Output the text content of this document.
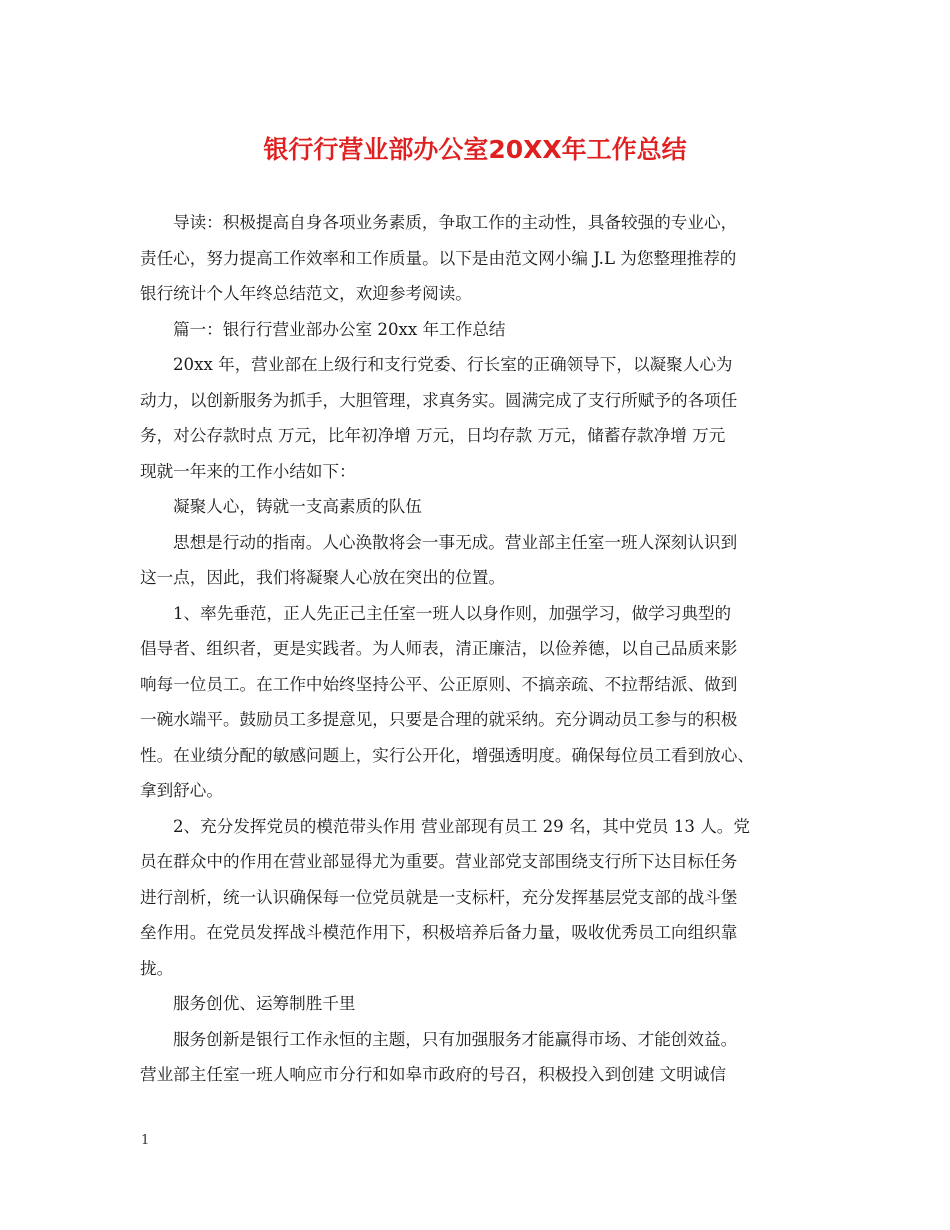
银行行营业部办公室20XX年工作总结
导读：积极提高自身各项业务素质，争取工作的主动性，具备较强的专业心，
责任心，努力提高工作效率和工作质量。以下是由范文网小编 J.L 为您整理推荐的
银行统计个人年终总结范文，欢迎参考阅读。
篇一：银行行营业部办公室 20xx 年工作总结
20xx 年，营业部在上级行和支行党委、行长室的正确领导下，以凝聚人心为
动力，以创新服务为抓手，大胆管理，求真务实。圆满完成了支行所赋予的各项任
务，对公存款时点 万元，比年初净增 万元，日均存款 万元，储蓄存款净增 万元
现就一年来的工作小结如下：
凝聚人心，铸就一支高素质的队伍
思想是行动的指南。人心涣散将会一事无成。营业部主任室一班人深刻认识到
这一点，因此，我们将凝聚人心放在突出的位置。
1、率先垂范，正人先正己主任室一班人以身作则，加强学习，做学习典型的
倡导者、组织者，更是实践者。为人师表，清正廉洁，以俭养德，以自己品质来影
响每一位员工。在工作中始终坚持公平、公正原则、不搞亲疏、不拉帮结派、做到
一碗水端平。鼓励员工多提意见，只要是合理的就采纳。充分调动员工参与的积极
性。在业绩分配的敏感问题上，实行公开化，增强透明度。确保每位员工看到放心、
拿到舒心。
2、充分发挥党员的模范带头作用 营业部现有员工 29 名，其中党员 13 人。党
员在群众中的作用在营业部显得尤为重要。营业部党支部围绕支行所下达目标任务
进行剖析，统一认识确保每一位党员就是一支标杆，充分发挥基层党支部的战斗堡
垒作用。在党员发挥战斗模范作用下，积极培养后备力量，吸收优秀员工向组织靠
拢。
服务创优、运筹制胜千里
服务创新是银行工作永恒的主题，只有加强服务才能赢得市场、才能创效益。
营业部主任室一班人响应市分行和如皋市政府的号召，积极投入到创建 文明诚信
1
